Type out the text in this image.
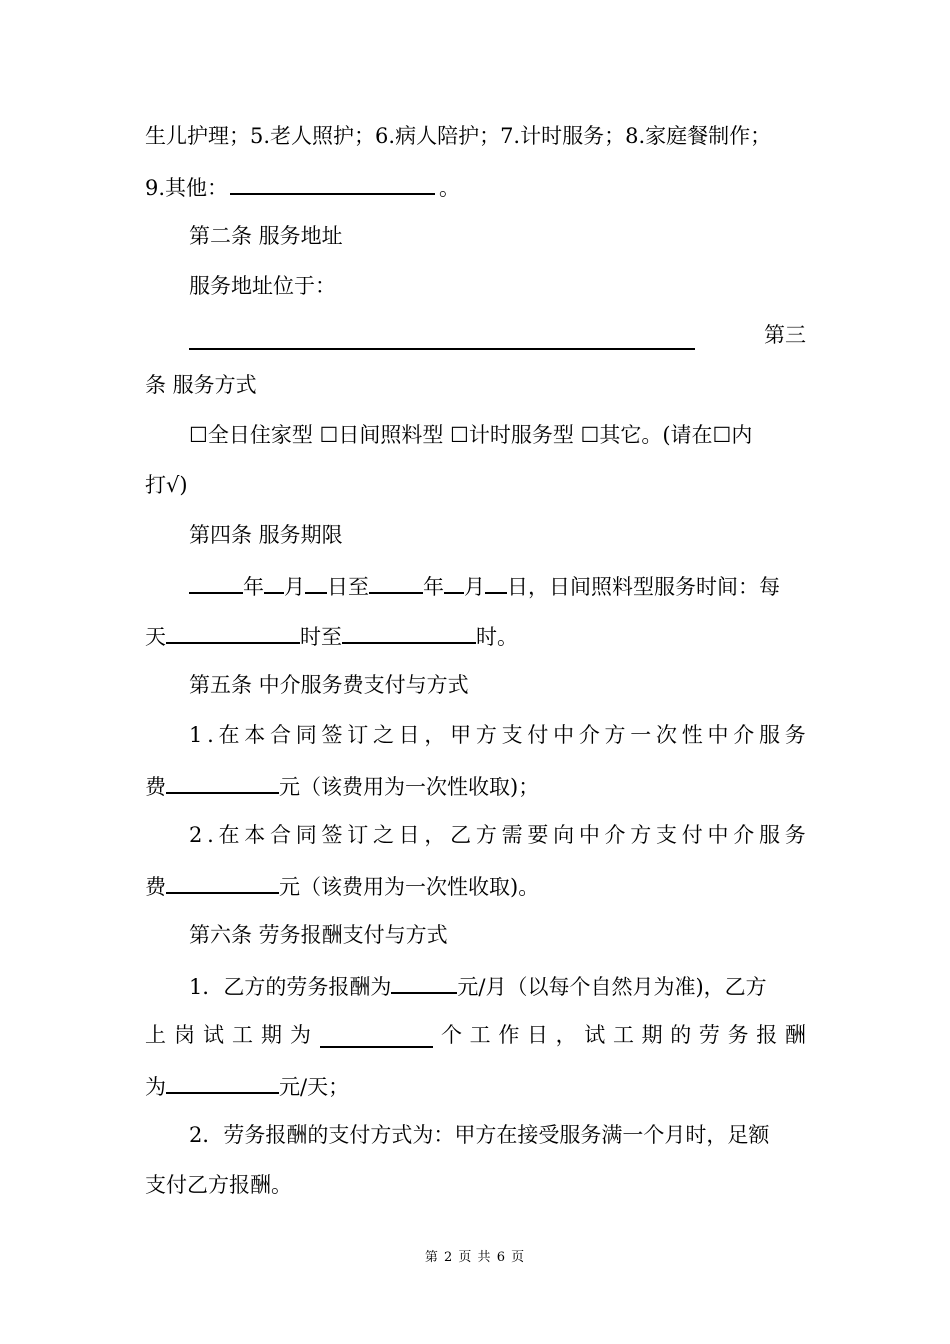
生儿护理；5.老人照护；6.病人陪护；7.计时服务；8.家庭餐制作；
9.其他：	。
第二条 服务地址
服务地址位于：
第三
条 服务方式
☐全日住家型 ☐日间照料型 ☐计时服务型 ☐其它。(请在☐内
打√)
第四条 服务期限
年 月 日至	年 月 日，日间照料型服务时间：每
天	时至	时。
第五条 中介服务费支付与方式
1 . 在 本 合 同 签 订 之 日 ， 甲 方 支 付 中 介 方 一 次 性 中 介 服 务
费	元（该费用为一次性收取)；
2 . 在 本 合 同 签 订 之 日 ， 乙 方 需 要 向 中 介 方 支 付 中 介 服 务
费	元（该费用为一次性收取)。
第六条 劳务报酬支付与方式
1．乙方的劳务报酬为	元/月（以每个自然月为准)，乙方
上 岗 试 工 期 为	个 工 作 日 ， 试 工 期 的 劳 务 报 酬
为	元/天；
2．劳务报酬的支付方式为：甲方在接受服务满一个月时，足额
支付乙方报酬。
第 2 页 共 6 页
